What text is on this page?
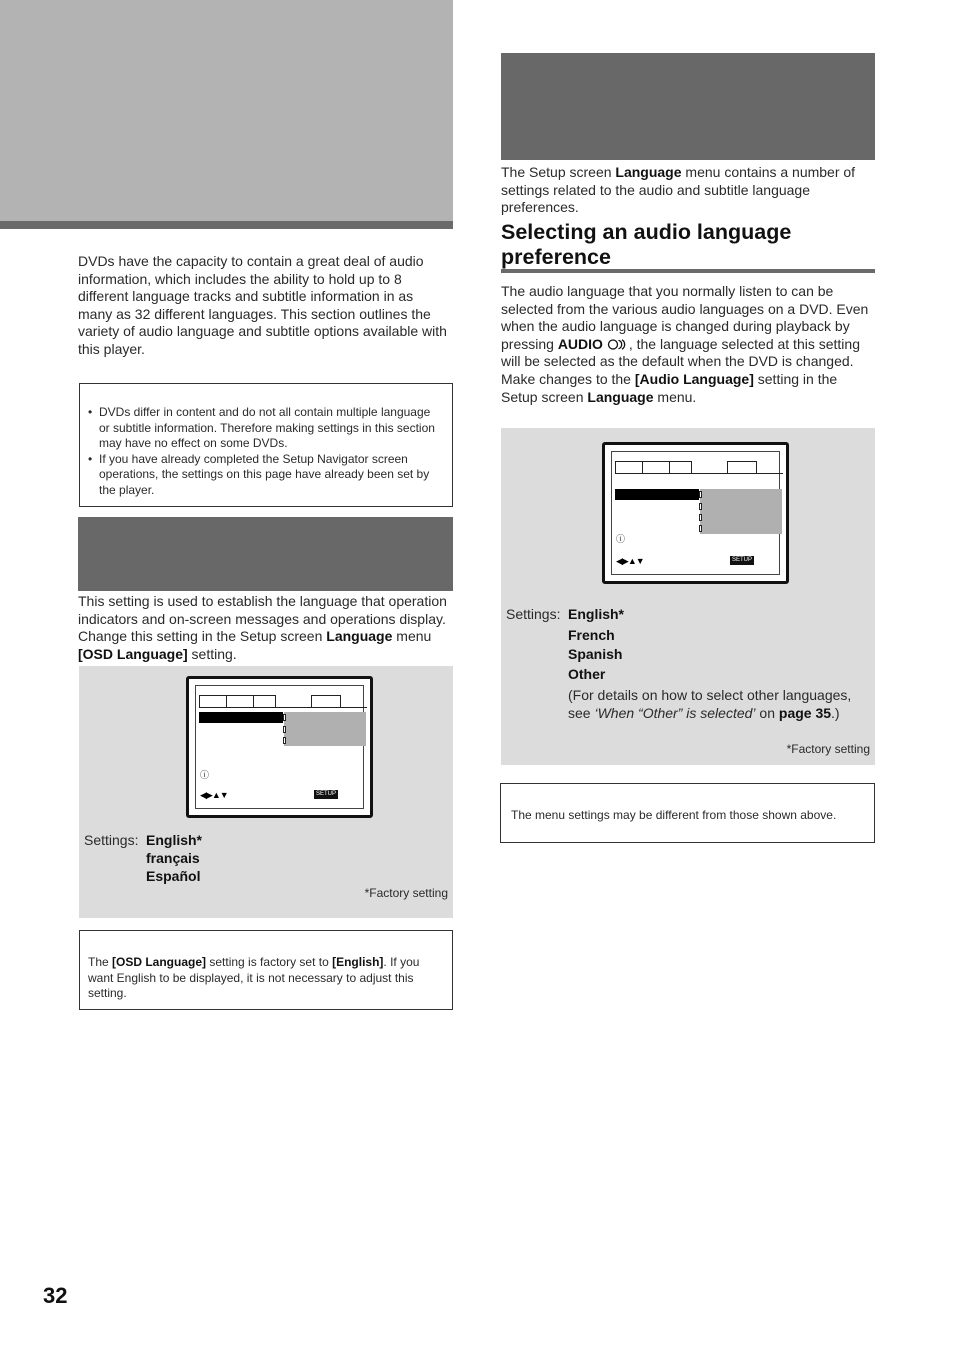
DVDs have the capacity to contain a great deal of audio information, which includes the ability to hold up to 8 different language tracks and subtitle information in as many as 32 different languages. This section outlines the variety of audio language and subtitle options available with this player.

• DVDs differ in content and do not all contain multiple language or subtitle information. Therefore making settings in this section may have no effect on some DVDs.
• If you have already completed the Setup Navigator screen operations, the settings on this page have already been set by the player.

This setting is used to establish the language that operation indicators and on-screen messages and operations display. Change this setting in the Setup screen Language menu [OSD Language] setting.

ⓘ
◀▶▲▼	SETUP
Settings: English*
français
Español
*Factory setting
The [OSD Language] setting is factory set to [English]. If you want English to be displayed, it is not necessary to adjust this setting.

The Setup screen Language menu contains a number of settings related to the audio and subtitle language preferences.

Selecting an audio language preference

The audio language that you normally listen to can be selected from the various audio languages on a DVD. Even when the audio language is changed during playback by pressing AUDIO , the language selected at this setting will be selected as the default when the DVD is changed.
Make changes to the [Audio Language] setting in the Setup screen Language menu.

ⓘ
◀▶▲▼	SETUP
Settings: English*
French
Spanish
Other
(For details on how to select other languages, see ‘When “Other” is selected’ on page 35.)
*Factory setting
The menu settings may be different from those shown above.
32
